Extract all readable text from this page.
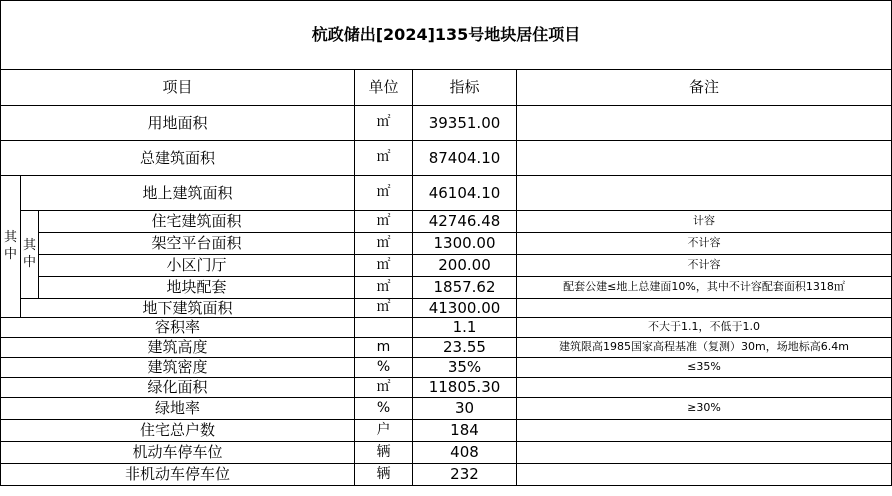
杭政储出[2024]135号地块居住项目					
项目			单位	指标	备注
用地面积			㎡	39351.00	
总建筑面积			㎡	87404.10	

其
中	地上建筑面积		㎡	46104.10	

	其
中	住宅建筑面积	㎡	42746.48	计容
		架空平台面积	㎡	1300.00	不计容
		小区门厅	㎡	200.00	不计容
		地块配套	㎡	1857.62	配套公建≤地上总建面10%，其中不计容配套面积1318㎡
	地下建筑面积		㎡	41300.00	
容积率				1.1	不大于1.1，不低于1.0
建筑高度			m	23.55	建筑限高1985国家高程基准（复测）30m，场地标高6.4m
建筑密度			%	35%	≤35%
绿化面积			㎡	11805.30	
绿地率			%	30	≥30%
住宅总户数			户	184	
机动车停车位			辆	408	
非机动车停车位			辆	232	
